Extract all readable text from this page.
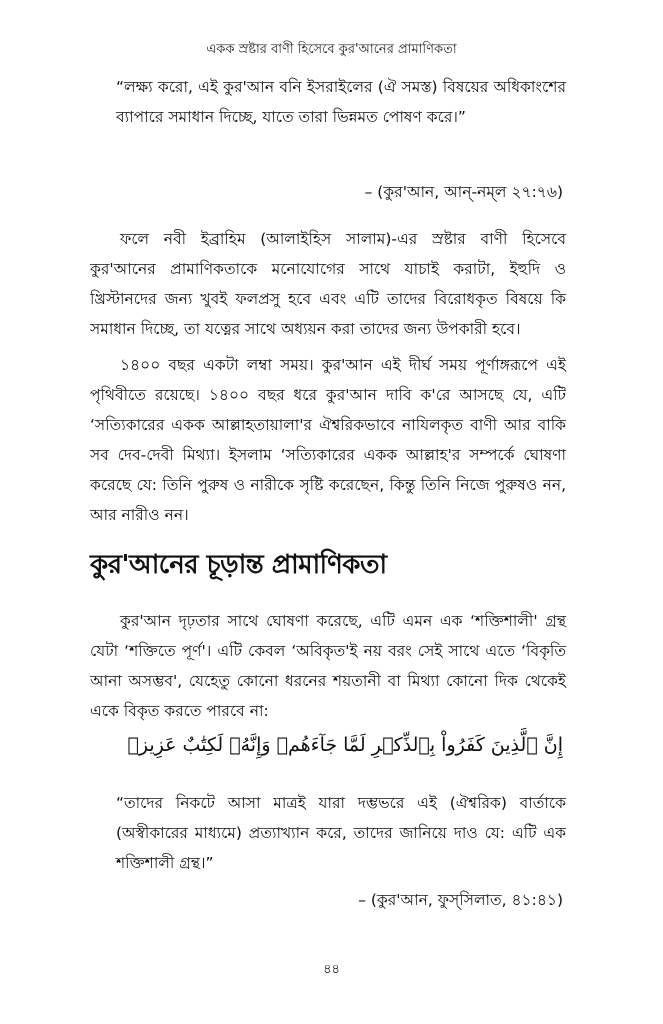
একক স্রষ্টার বাণী হিসেবে কুর'আনের প্রামাণিকতা
“লক্ষ্য করো, এই কুর'আন বনি ইসরাইলের (ঐ সমস্ত) বিষয়ের অধিকাংশের ব্যাপারে সমাধান দিচ্ছে, যাতে তারা ভিন্নমত পোষণ করে।”
– (কুর'আন, আন্-নম্‌ল ২৭:৭৬)

ফলে নবী ইব্রাহিম (আলাইহিস সালাম)-এর স্রষ্টার বাণী হিসেবে কুর'আনের প্রামাণিকতাকে মনোযোগের সাথে যাচাই করাটা, ইহুদি ও খ্রিস্টানদের জন্য খুবই ফলপ্রসু হবে এবং এটি তাদের বিরোধকৃত বিষয়ে কি সমাধান দিচ্ছে, তা যত্নের সাথে অধ্যয়ন করা তাদের জন্য উপকারী হবে।

১৪০০ বছর একটা লম্বা সময়। কুর'আন এই দীর্ঘ সময় পূর্ণাঙ্গরূপে এই পৃথিবীতে রয়েছে। ১৪০০ বছর ধরে কুর'আন দাবি ক'রে আসছে যে, এটি ‘সত্যিকারের একক আল্লাহতায়ালা'র ঐশ্বরিকভাবে নাযিলকৃত বাণী আর বাকি সব দেব-দেবী মিথ্যা। ইসলাম ‘সত্যিকারের একক আল্লাহ'র সম্পর্কে ঘোষণা করেছে যে: তিনি পুরুষ ও নারীকে সৃষ্টি করেছেন, কিন্তু তিনি নিজে পুরুষও নন, আর নারীও নন।

কুর'আনের চূড়ান্ত প্রামাণিকতা

কুর'আন দৃঢ়তার সাথে ঘোষণা করেছে, এটি এমন এক ‘শক্তিশালী' গ্রন্থ যেটা ‘শক্তিতে পূর্ণ'। এটি কেবল ‘অবিকৃত'ই নয় বরং সেই সাথে এতে ‘বিকৃতি আনা অসম্ভব', যেহেতু কোনো ধরনের শয়তানী বা মিথ্যা কোনো দিক থেকেই একে বিকৃত করতে পারবে না:

إِنَّ ٱلَّذِينَ كَفَرُواْ بِٱلذِّكۡرِ لَمَّا جَآءَهُمۡ وَإِنَّهُۥ لَكِتَٰبٌ عَزِيزٞ
“তাদের নিকটে আসা মাত্রই যারা দম্ভভরে এই (ঐশ্বরিক) বার্তাকে (অস্বীকারের মাধ্যমে) প্রত্যাখ্যান করে, তাদের জানিয়ে দাও যে: এটি এক শক্তিশালী গ্রন্থ।”
– (কুর'আন, ফুস্‌সিলাত, ৪১:৪১)
৪৪
